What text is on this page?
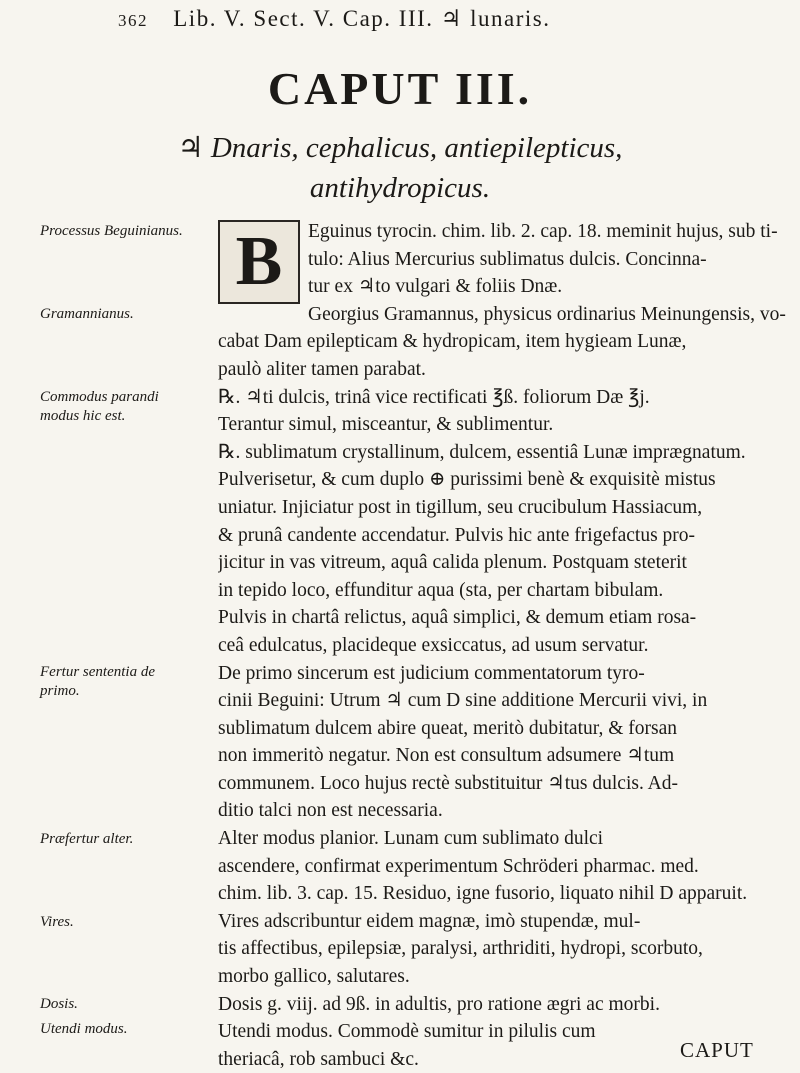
362 Lib. V. Sect. V. Cap. III. ♃ lunaris.
CAPUT III.
♃ Dnaris, cephalicus, antiepilepticus,
antihydropicus.
Processus Beguinianus.
Gramannianus.
Commodus parandi modus hic est.
Fertur sententia de primo.
Præfertur alter.
Vires.
Dosis.
Utendi modus.
B	Eguinus tyrocin. chim. lib. 2. cap. 18. meminit hujus, sub ti-
tulo: Alius Mercurius sublimatus dulcis. Concinna-
tur ex ♃to vulgari & foliis Dnæ.
Georgius Gramannus, physicus ordinarius Meinungensis, vo-
cabat Dam epilepticam & hydropicam, item hygieam Lunæ,
paulò aliter tamen parabat.
℞. ♃ti dulcis, trinâ vice rectificati ℥ß. foliorum Dæ ℥j.
Terantur simul, misceantur, & sublimentur.
℞. sublimatum crystallinum, dulcem, essentiâ Lunæ imprægnatum.
Pulverisetur, & cum duplo ⊕ purissimi benè & exquisitè mistus
uniatur. Injiciatur post in tigillum, seu crucibulum Hassiacum,
& prunâ candente accendatur. Pulvis hic ante frigefactus pro-
jicitur in vas vitreum, aquâ calida plenum. Postquam steterit
in tepido loco, effunditur aqua (sta, per chartam bibulam.
Pulvis in chartâ relictus, aquâ simplici, & demum etiam rosa-
ceâ edulcatus, placideque exsiccatus, ad usum servatur.
De primo sincerum est judicium commentatorum tyro-
cinii Beguini: Utrum ♃ cum D sine additione Mercurii vivi, in
sublimatum dulcem abire queat, meritò dubitatur, & forsan
non immeritò negatur. Non est consultum adsumere ♃tum
communem. Loco hujus rectè substituitur ♃tus dulcis. Ad-
ditio talci non est necessaria.
Alter modus planior. Lunam cum sublimato dulci
ascendere, confirmat experimentum Schröderi pharmac. med.
chim. lib. 3. cap. 15. Residuo, igne fusorio, liquato nihil D apparuit.
Vires adscribuntur eidem magnæ, imò stupendæ, mul-
tis affectibus, epilepsiæ, paralysi, arthriditi, hydropi, scorbuto,
morbo gallico, salutares.
Dosis g. viij. ad 9ß. in adultis, pro ratione ægri ac morbi.
Utendi modus. Commodè sumitur in pilulis cum
theriacâ, rob sambuci &c.	CAPUT
